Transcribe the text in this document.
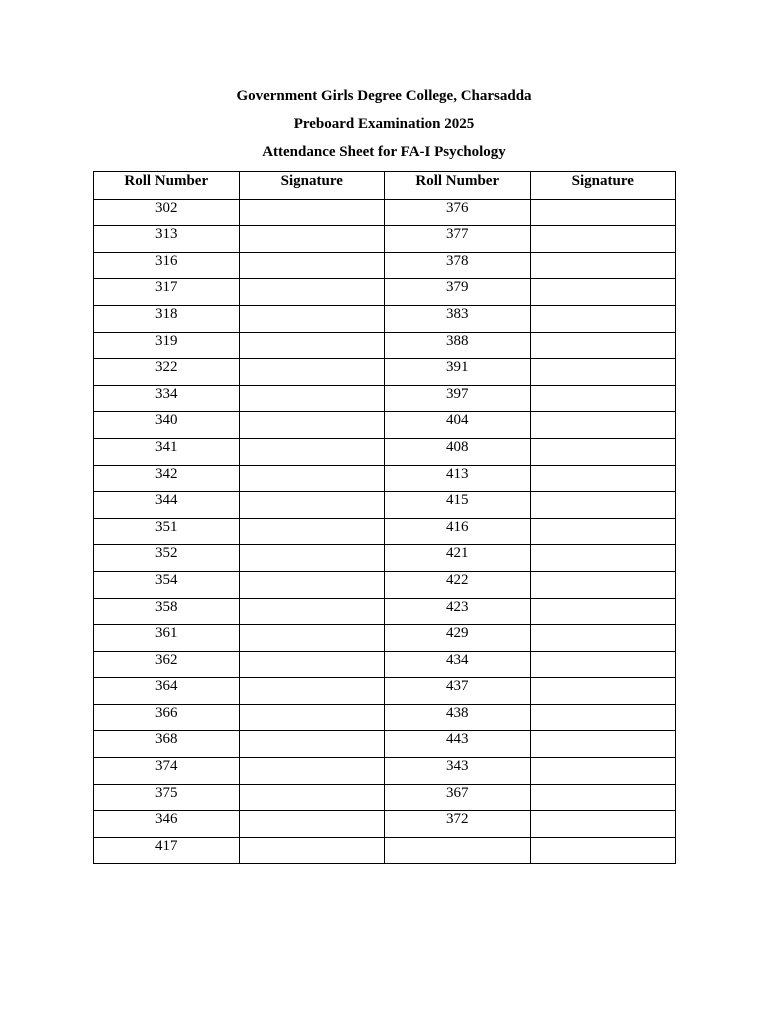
Government Girls Degree College, Charsadda
Preboard Examination 2025
Attendance Sheet for FA-I Psychology
Roll Number	Signature	Roll Number	Signature
302		376	
313		377	
316		378	
317		379	
318		383	
319		388	
322		391	
334		397	
340		404	
341		408	
342		413	
344		415	
351		416	
352		421	
354		422	
358		423	
361		429	
362		434	
364		437	
366		438	
368		443	
374		343	
375		367	
346		372	
417			
